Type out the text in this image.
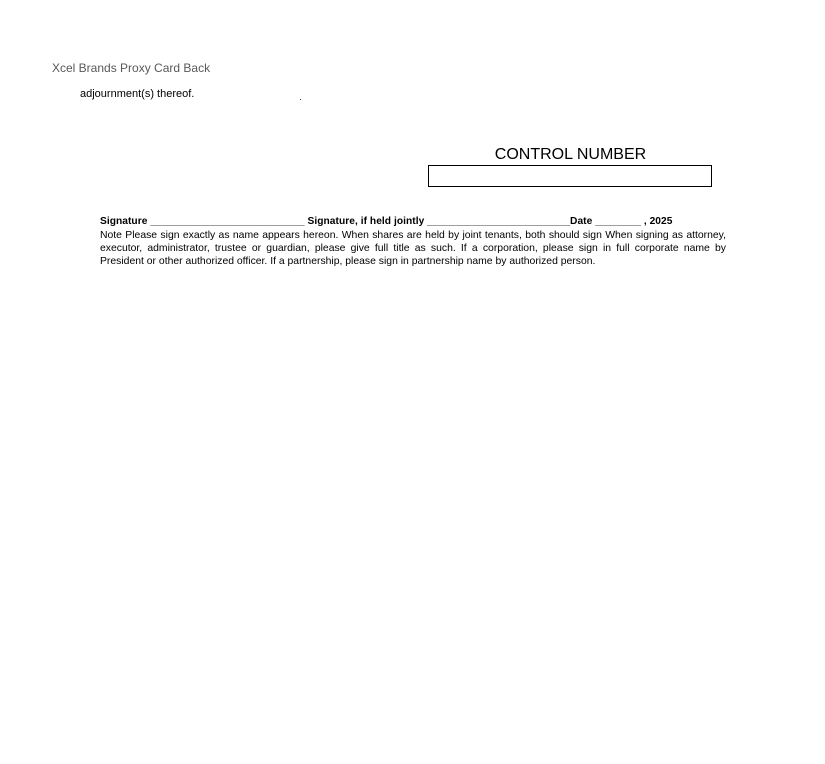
Xcel Brands Proxy Card Back
adjournment(s) thereof.
CONTROL NUMBER
Signature ___________________________ Signature, if held jointly _________________________Date ________ , 2025
Note Please sign exactly as name appears hereon. When shares are held by joint tenants, both should sign When signing as attorney, executor, administrator, trustee or guardian, please give full title as such. If a corporation, please sign in full corporate name by President or other authorized officer. If a partnership, please sign in partnership name by authorized person.
